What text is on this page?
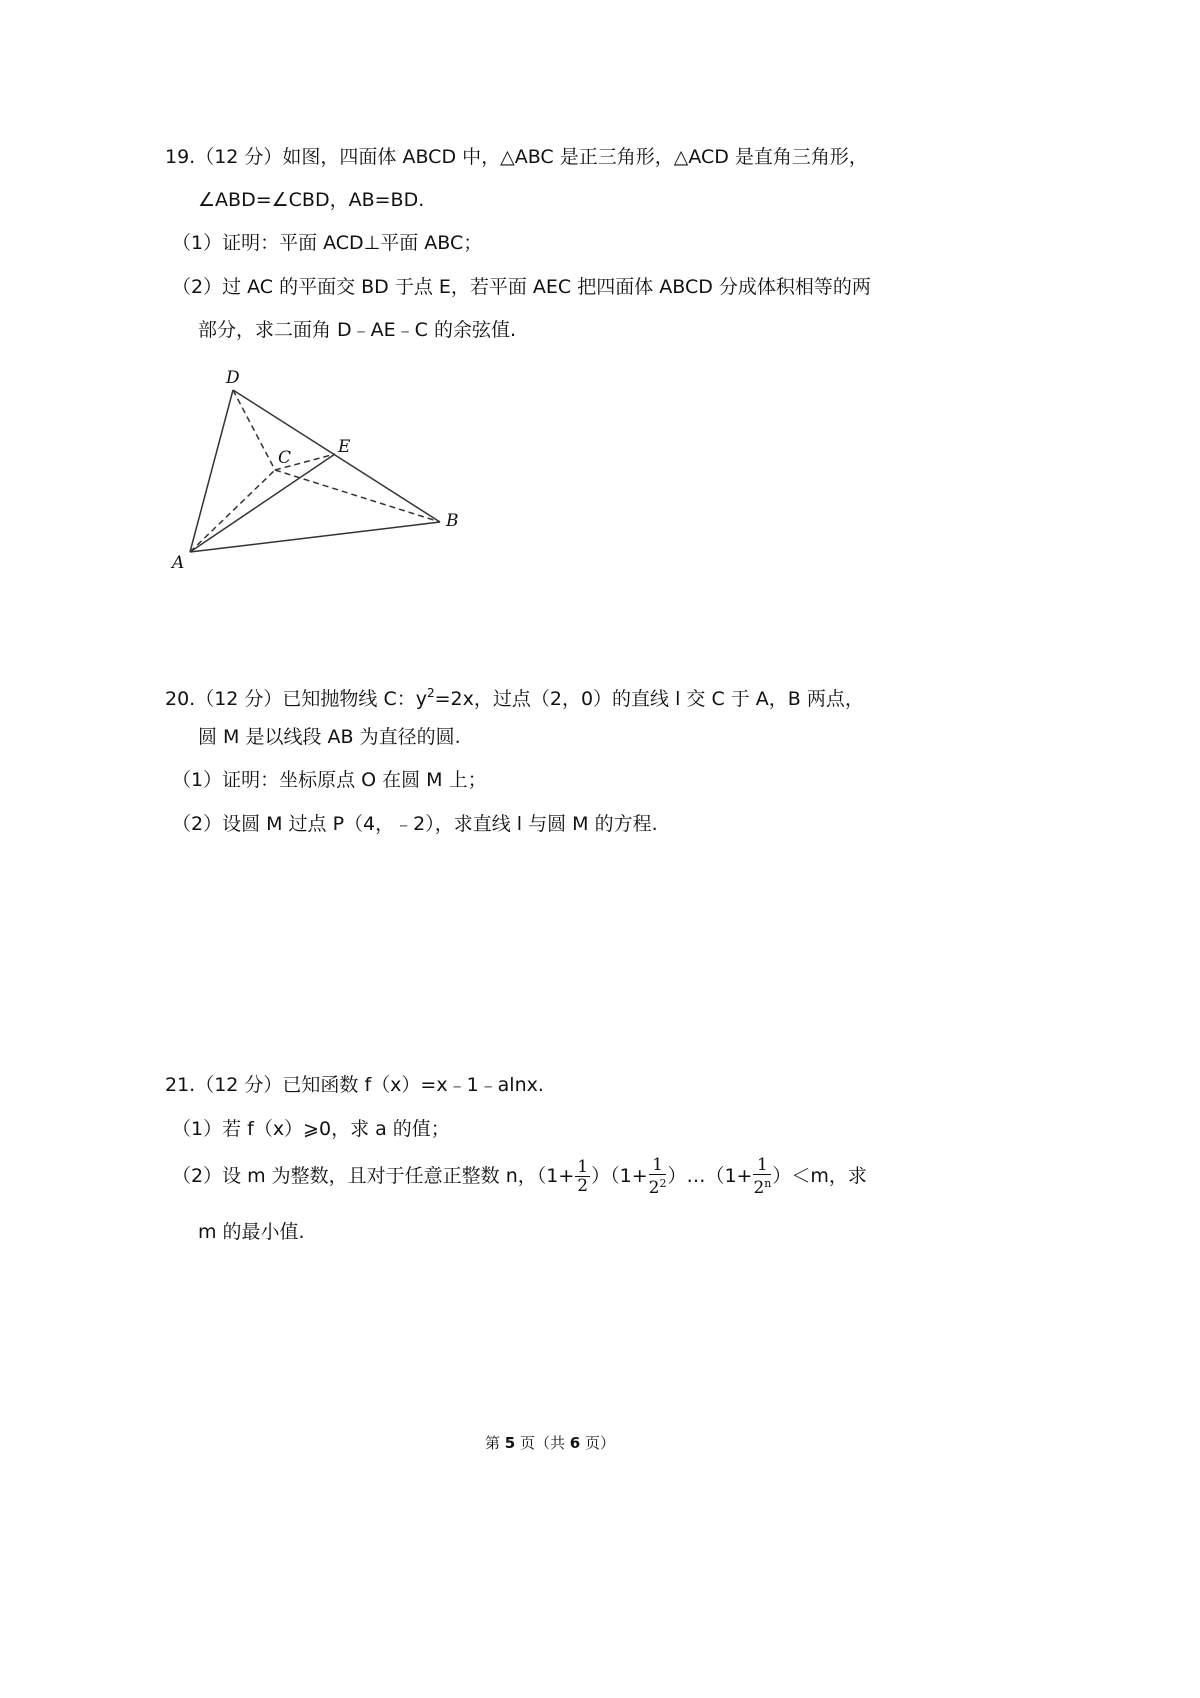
19.（12 分）如图，四面体 ABCD 中，△ABC 是正三角形，△ACD 是直角三角形，
∠ABD=∠CBD，AB=BD.
（1）证明：平面 ACD⊥平面 ABC；
（2）过 AC 的平面交 BD 于点 E，若平面 AEC 把四面体 ABCD 分成体积相等的两
部分，求二面角 D﹣AE﹣C 的余弦值.
D
E
C
B
A
20.（12 分）已知抛物线 C：$y^2=2x$，过点（2，0）的直线 l 交 C 于 A，B 两点，
圆 M 是以线段 AB 为直径的圆.
（1）证明：坐标原点 O 在圆 M 上；
（2）设圆 M 过点 P（4，﹣2），求直线 l 与圆 M 的方程.
21.（12 分）已知函数 f（x）=x﹣1﹣alnx.
（1）若 f（x）⩾0，求 a 的值；
（2）设 m 为整数，且对于任意正整数 n，$(1+ \frac{1}{2} )(1+ \frac{1}{2^2}$ ）…（1+ $\frac{1}{2^n} )<m$，求
m 的最小值.
第 5 页（共 6 页）
